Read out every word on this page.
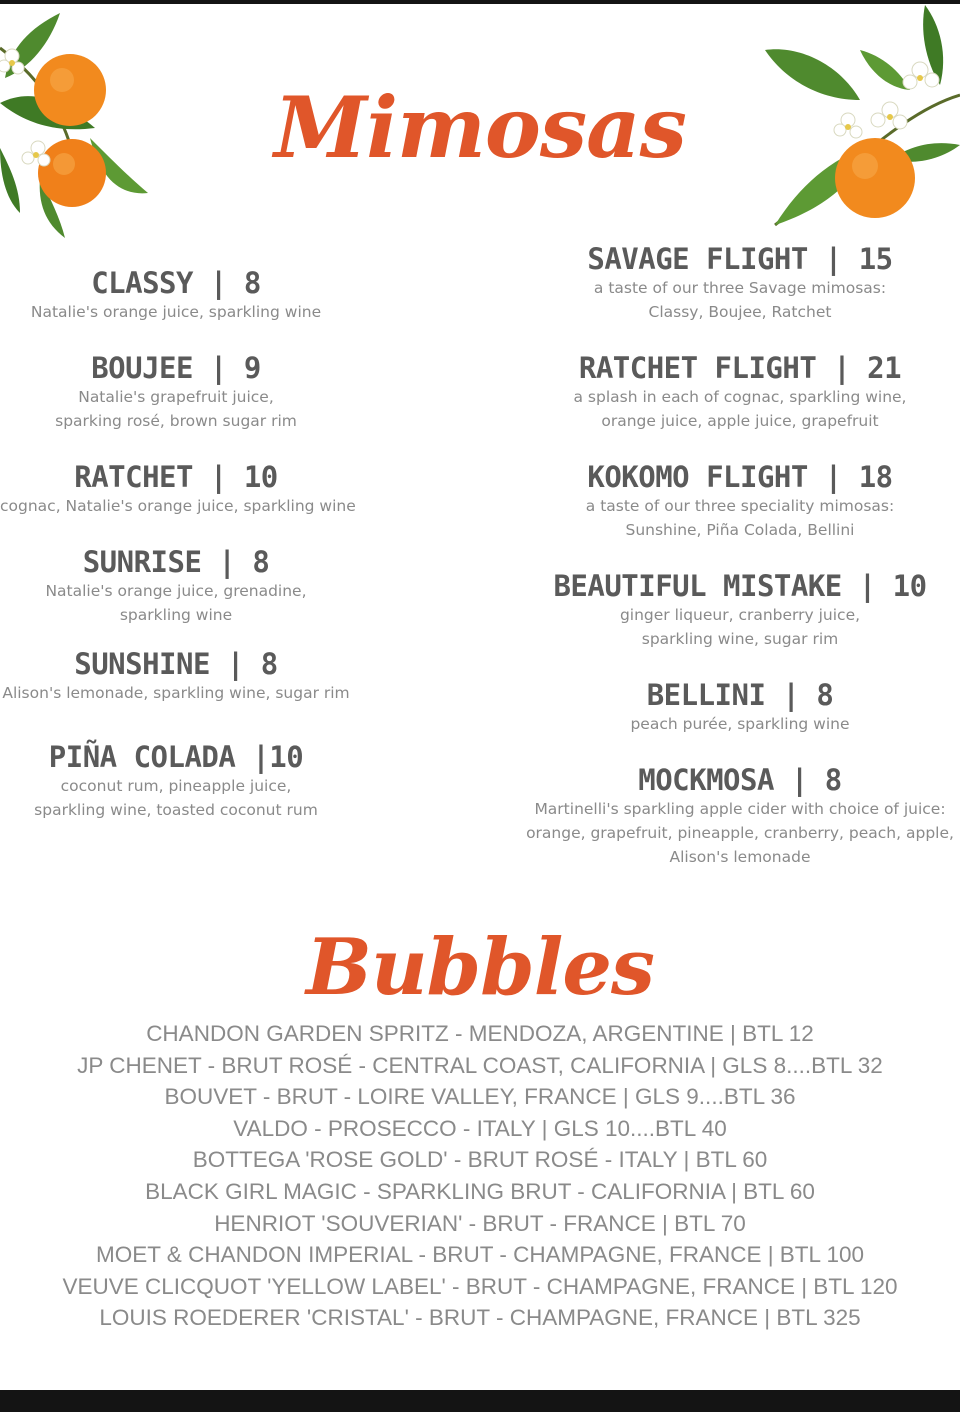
Mimosas
CLASSY | 8
Natalie's orange juice, sparkling wine
BOUJEE | 9
Natalie's grapefruit juice,
sparking rosé, brown sugar rim
RATCHET | 10
cognac, Natalie's orange juice, sparkling wine
SUNRISE | 8
Natalie's orange juice, grenadine,
sparkling wine
SUNSHINE | 8
Alison's lemonade, sparkling wine, sugar rim
PIÑA COLADA |10
coconut rum, pineapple juice,
sparkling wine, toasted coconut rum
SAVAGE FLIGHT | 15
a taste of our three Savage mimosas:
Classy, Boujee, Ratchet
RATCHET FLIGHT | 21
a splash in each of cognac, sparkling wine,
orange juice, apple juice, grapefruit
KOKOMO FLIGHT | 18
a taste of our three speciality mimosas:
Sunshine, Piña Colada, Bellini
BEAUTIFUL MISTAKE | 10
ginger liqueur, cranberry juice,
sparkling wine, sugar rim
BELLINI | 8
peach purée, sparkling wine
MOCKMOSA | 8
Martinelli's sparkling apple cider with choice of juice:
orange, grapefruit, pineapple, cranberry, peach, apple,
Alison's lemonade
Bubbles
CHANDON GARDEN SPRITZ - MENDOZA, ARGENTINE | BTL 12
JP CHENET - BRUT ROSÉ - CENTRAL COAST, CALIFORNIA | GLS 8....BTL 32
BOUVET - BRUT - LOIRE VALLEY, FRANCE | GLS 9....BTL 36
VALDO - PROSECCO - ITALY | GLS 10....BTL 40
BOTTEGA 'ROSE GOLD' - BRUT ROSÉ - ITALY | BTL 60
BLACK GIRL MAGIC - SPARKLING BRUT - CALIFORNIA | BTL 60
HENRIOT 'SOUVERIAN' - BRUT - FRANCE | BTL 70
MOET & CHANDON IMPERIAL - BRUT - CHAMPAGNE, FRANCE | BTL 100
VEUVE CLICQUOT 'YELLOW LABEL' - BRUT - CHAMPAGNE, FRANCE | BTL 120
LOUIS ROEDERER 'CRISTAL' - BRUT - CHAMPAGNE, FRANCE | BTL 325
